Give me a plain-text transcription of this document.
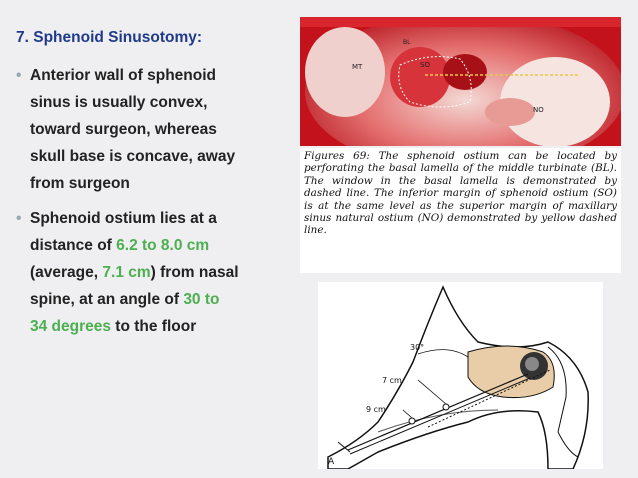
7. Sphenoid Sinusotomy:
• Anterior wall of sphenoid
sinus is usually convex,
toward surgeon, whereas
skull base is concave, away
from surgeon
• Sphenoid ostium lies at a
distance of 6.2 to 8.0 cm
(average, 7.1 cm) from nasal
spine, at an angle of 30 to
34 degrees to the floor
MT	SO
NO
BL
Figures 69: The sphenoid ostium can be located by perforating the basal lamella of the middle turbinate (BL). The window in the basal lamella is demonstrated by dashed line. The inferior margin of sphenoid ostium (SO) is at the same level as the superior margin of maxillary sinus natural ostium (NO) demonstrated by yellow dashed line.
30°
7 cm
9 cm
A
